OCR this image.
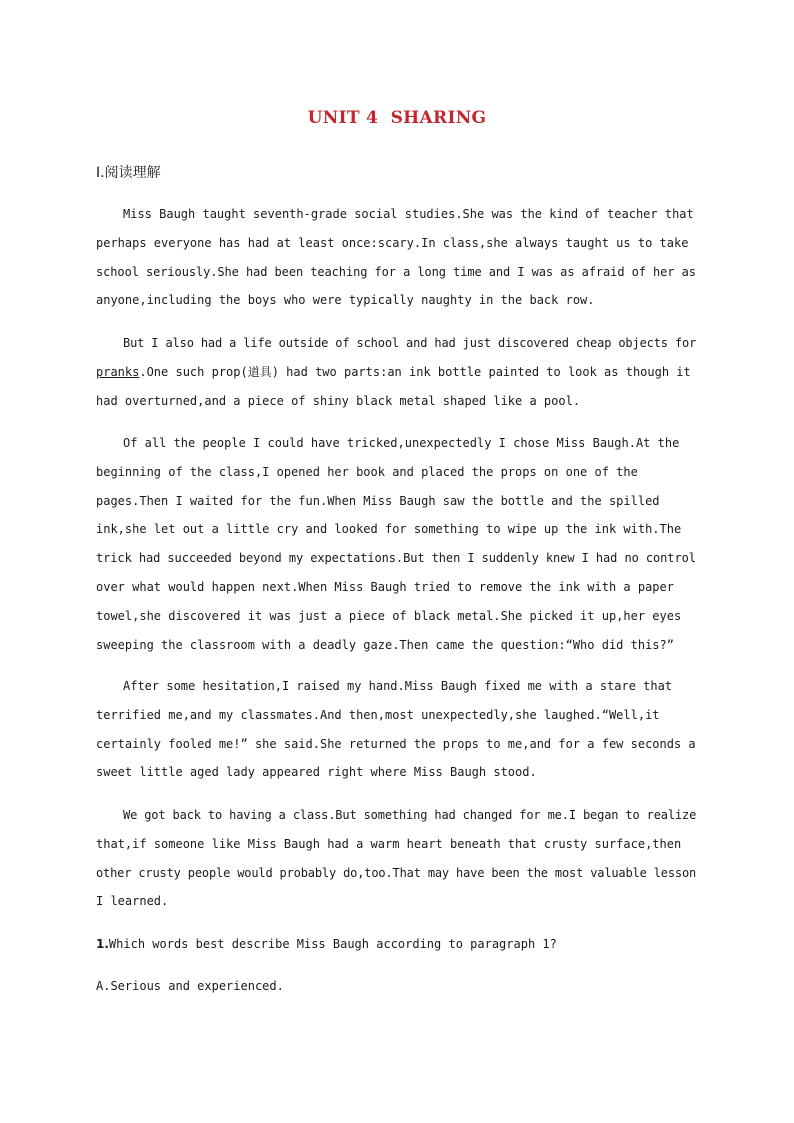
UNIT 4  SHARING
Ⅰ.阅读理解
Miss Baugh taught seventh-grade social studies.She was the kind of teacher that
perhaps everyone has had at least once:scary.In class,she always taught us to take
school seriously.She had been teaching for a long time and I was as afraid of her as
anyone,including the boys who were typically naughty in the back row.
But I also had a life outside of school and had just discovered cheap objects for
pranks.One such prop(道具) had two parts:an ink bottle painted to look as though it
had overturned,and a piece of shiny black metal shaped like a pool.
Of all the people I could have tricked,unexpectedly I chose Miss Baugh.At the
beginning of the class,I opened her book and placed the props on one of the
pages.Then I waited for the fun.When Miss Baugh saw the bottle and the spilled
ink,she let out a little cry and looked for something to wipe up the ink with.The
trick had succeeded beyond my expectations.But then I suddenly knew I had no control
over what would happen next.When Miss Baugh tried to remove the ink with a paper
towel,she discovered it was just a piece of black metal.She picked it up,her eyes
sweeping the classroom with a deadly gaze.Then came the question:“Who did this?”
After some hesitation,I raised my hand.Miss Baugh fixed me with a stare that
terrified me,and my classmates.And then,most unexpectedly,she laughed.“Well,it
certainly fooled me!” she said.She returned the props to me,and for a few seconds a
sweet little aged lady appeared right where Miss Baugh stood.
We got back to having a class.But something had changed for me.I began to realize
that,if someone like Miss Baugh had a warm heart beneath that crusty surface,then
other crusty people would probably do,too.That may have been the most valuable lesson
I learned.
1.Which words best describe Miss Baugh according to paragraph 1?
A.Serious and experienced.
